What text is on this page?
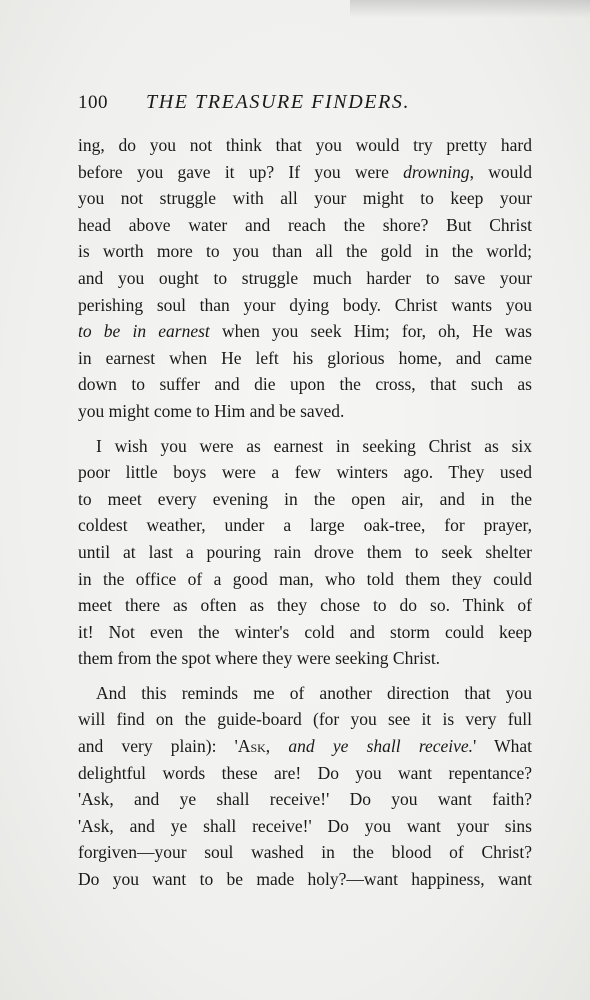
100 THE TREASURE FINDERS.
ing, do you not think that you would try pretty hard
before you gave it up? If you were drowning, would
you not struggle with all your might to keep your
head above water and reach the shore? But Christ
is worth more to you than all the gold in the world;
and you ought to struggle much harder to save your
perishing soul than your dying body. Christ wants you
to be in earnest when you seek Him; for, oh, He was
in earnest when He left his glorious home, and came
down to suffer and die upon the cross, that such as
you might come to Him and be saved.
I wish you were as earnest in seeking Christ as six
poor little boys were a few winters ago. They used
to meet every evening in the open air, and in the
coldest weather, under a large oak-tree, for prayer,
until at last a pouring rain drove them to seek shelter
in the office of a good man, who told them they could
meet there as often as they chose to do so. Think of
it! Not even the winter's cold and storm could keep
them from the spot where they were seeking Christ.
And this reminds me of another direction that you
will find on the guide-board (for you see it is very full
and very plain): 'Ask, and ye shall receive.' What
delightful words these are! Do you want repentance?
'Ask, and ye shall receive!' Do you want faith?
'Ask, and ye shall receive!' Do you want your sins
forgiven—your soul washed in the blood of Christ?
Do you want to be made holy?—want happiness, want
